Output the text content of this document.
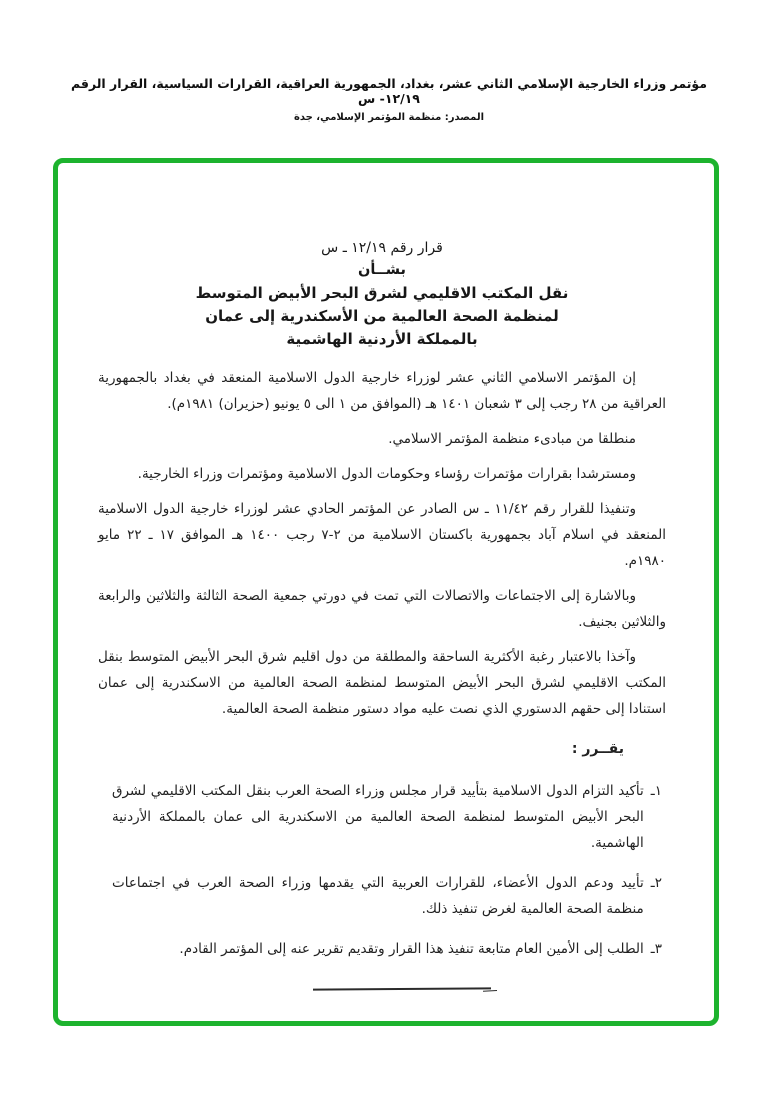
مؤتمر وزراء الخارجية الإسلامي الثاني عشر، بغداد، الجمهورية العراقية، القرارات السياسية، القرار الرقم ١٢/١٩- س
المصدر: منظمة المؤتمر الإسلامي، جدة
قرار رقم ١٢/١٩ ـ س
بشــأن
نقل المكتب الاقليمي لشرق البحر الأبيض المتوسط
لمنظمة الصحة العالمية من الأسكندرية إلى عمان
بالمملكة الأردنية الهاشمية

إن المؤتمر الاسلامي الثاني عشر لوزراء خارجية الدول الاسلامية المنعقد في بغداد بالجمهورية العراقية من ٢٨ رجب إلى ٣ شعبان ١٤٠١ هـ (الموافق من ١ الى ٥ يونيو (حزيران) ١٩٨١م).

منطلقا من مبادىء منظمة المؤتمر الاسلامي.

ومسترشدا بقرارات مؤتمرات رؤساء وحكومات الدول الاسلامية ومؤتمرات وزراء الخارجية.

وتنفيذا للقرار رقم ١١/٤٢ ـ س الصادر عن المؤتمر الحادي عشر لوزراء خارجية الدول الاسلامية المنعقد في اسلام آباد بجمهورية باكستان الاسلامية من ٢-٧ رجب ١٤٠٠ هـ الموافق ١٧ ـ ٢٢ مايو ١٩٨٠م.

وبالاشارة إلى الاجتماعات والاتصالات التي تمت في دورتي جمعية الصحة الثالثة والثلاثين والرابعة والثلاثين بجنيف.

وآخذا بالاعتبار رغبة الأكثرية الساحقة والمطلقة من دول اقليم شرق البحر الأبيض المتوسط بنقل المكتب الاقليمي لشرق البحر الأبيض المتوسط لمنظمة الصحة العالمية من الاسكندرية إلى عمان استنادا إلى حقهم الدستوري الذي نصت عليه مواد دستور منظمة الصحة العالمية.

يقــرر :
١ـ
تأكيد التزام الدول الاسلامية بتأييد قرار مجلس وزراء الصحة العرب بنقل المكتب الاقليمي لشرق البحر الأبيض المتوسط لمنظمة الصحة العالمية من الاسكندرية الى عمان بالمملكة الأردنية الهاشمية.
٢ـ
تأييد ودعم الدول الأعضاء، للقرارات العربية التي يقدمها وزراء الصحة العرب في اجتماعات منظمة الصحة العالمية لغرض تنفيذ ذلك.
٣ـ
الطلب إلى الأمين العام متابعة تنفيذ هذا القرار وتقديم تقرير عنه إلى المؤتمر القادم.
